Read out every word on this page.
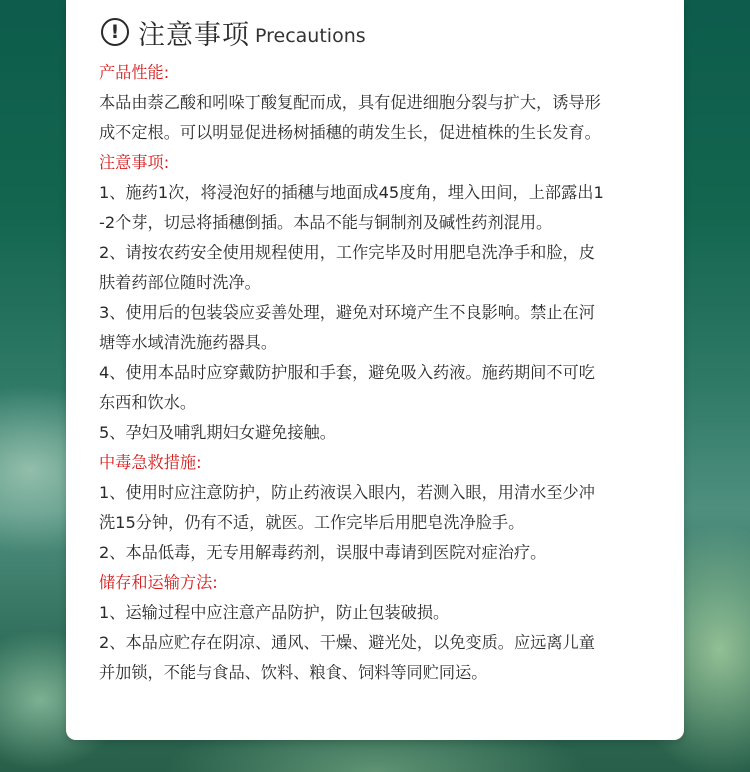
! 注意事项 Precautions
产品性能:
本品由萘乙酸和吲哚丁酸复配而成，具有促进细胞分裂与扩大，诱导形
成不定根。可以明显促进杨树插穗的萌发生长，促进植株的生长发育。
注意事项:
1、施药1次，将浸泡好的插穗与地面成45度角，埋入田间，上部露出1
-2个芽，切忌将插穗倒插。本品不能与铜制剂及碱性药剂混用。
2、请按农药安全使用规程使用，工作完毕及时用肥皂洗净手和脸，皮
肤着药部位随时洗净。
3、使用后的包装袋应妥善处理，避免对环境产生不良影响。禁止在河
塘等水域清洗施药器具。
4、使用本品时应穿戴防护服和手套，避免吸入药液。施药期间不可吃
东西和饮水。
5、孕妇及哺乳期妇女避免接触。
中毒急救措施:
1、使用时应注意防护，防止药液误入眼内，若测入眼，用清水至少冲
洗15分钟，仍有不适，就医。工作完毕后用肥皂洗净脸手。
2、本品低毒，无专用解毒药剂，误服中毒请到医院对症治疗。
储存和运输方法:
1、运输过程中应注意产品防护，防止包装破损。
2、本品应贮存在阴凉、通风、干燥、避光处，以免变质。应远离儿童
并加锁，不能与食品、饮料、粮食、饲料等同贮同运。
